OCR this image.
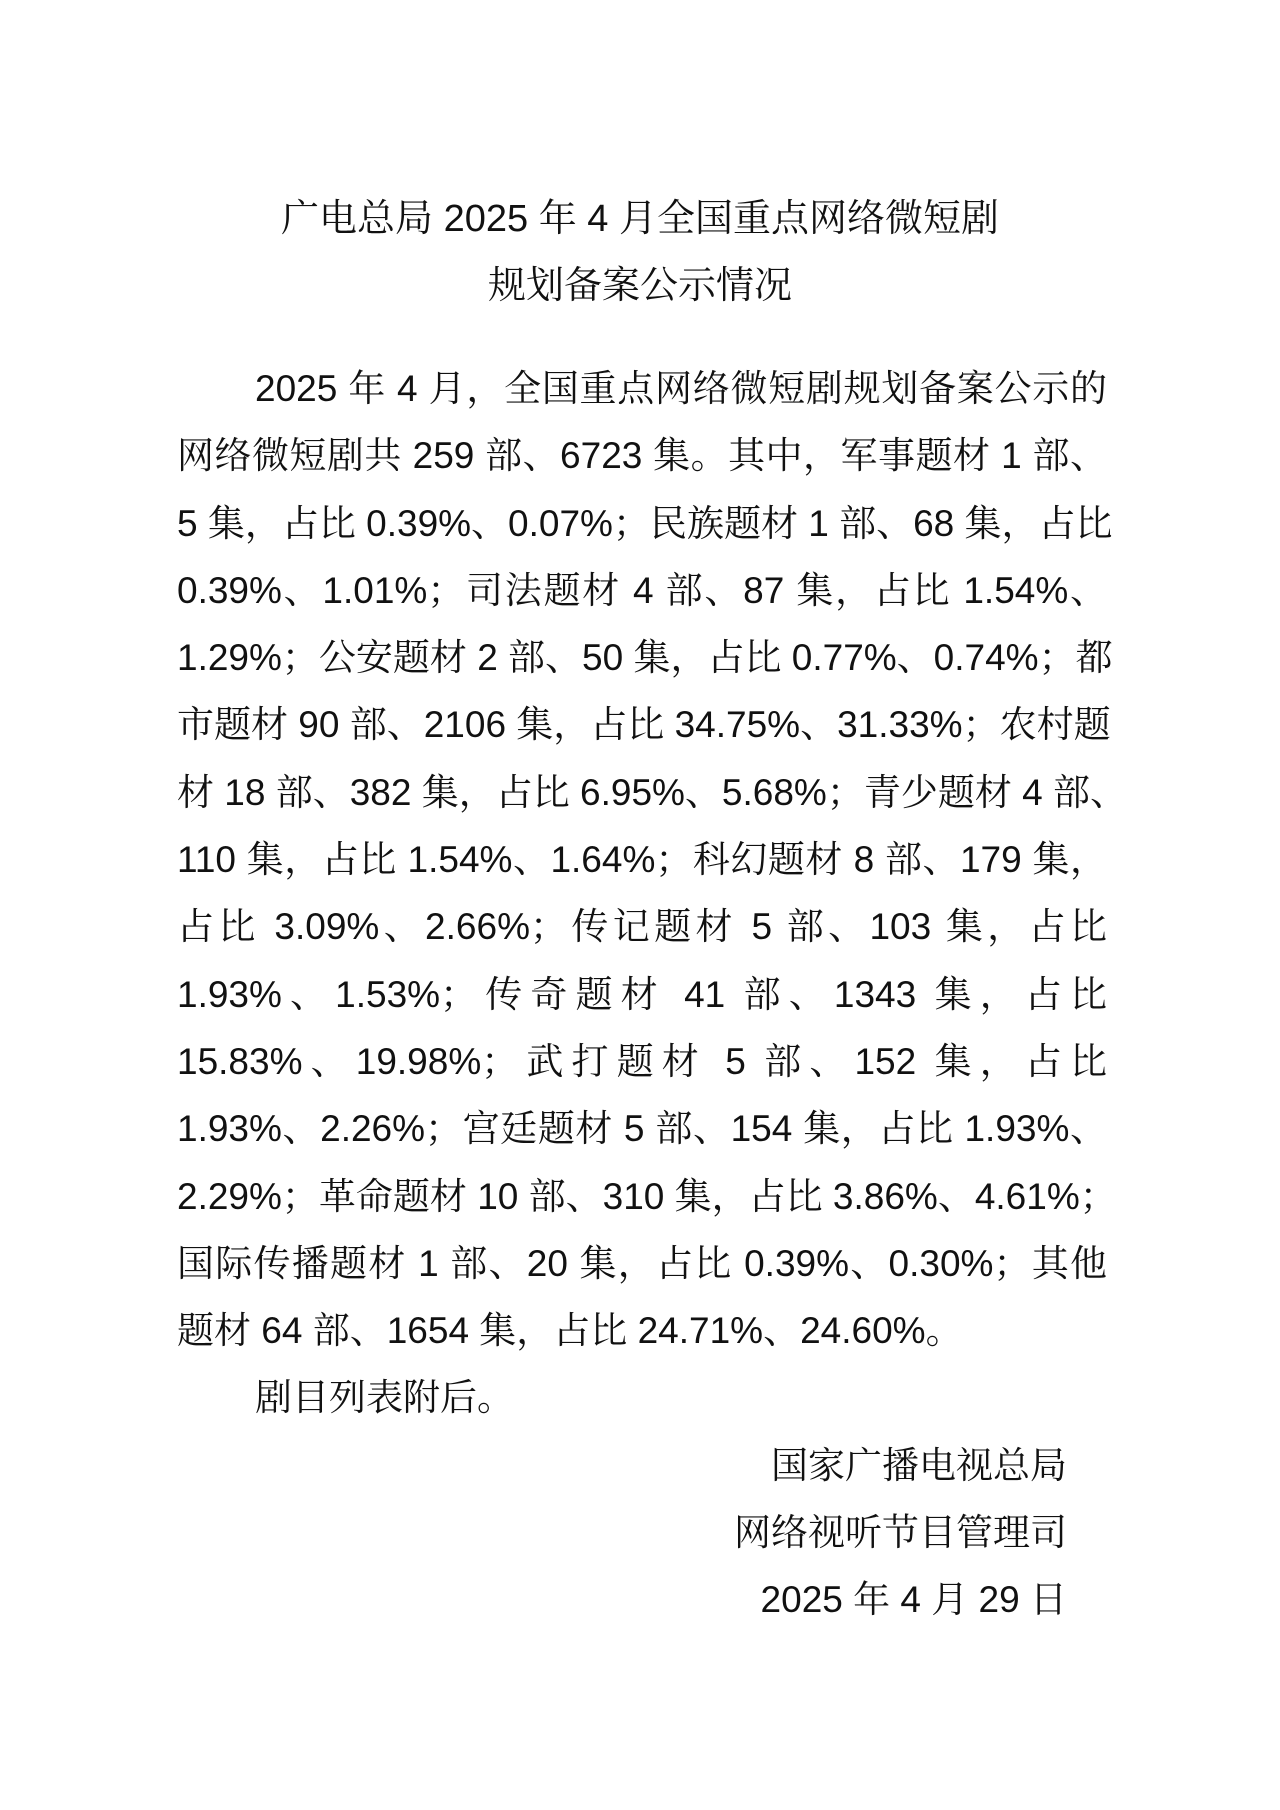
广电总局 2025 年 4 月全国重点网络微短剧
规划备案公示情况
2025 年 4 月，全国重点网络微短剧规划备案公示的
网络微短剧共 259 部、6723 集。其中，军事题材 1 部、
5 集，占比 0.39%、0.07%；民族题材 1 部、68 集，占比
0.39%、1.01%；司法题材 4 部、87 集，占比 1.54%、
1.29%；公安题材 2 部、50 集，占比 0.77%、0.74%；都
市题材 90 部、2106 集，占比 34.75%、31.33%；农村题
材 18 部、382 集，占比 6.95%、5.68%；青少题材 4 部、
110 集，占比 1.54%、1.64%；科幻题材 8 部、179 集，
占比 3.09%、2.66%；传记题材 5 部、103 集，占比
1.93%、1.53%；传奇题材 41 部、1343 集，占比
15.83%、19.98%；武打题材 5 部、152 集，占比
1.93%、2.26%；宫廷题材 5 部、154 集，占比 1.93%、
2.29%；革命题材 10 部、310 集，占比 3.86%、4.61%；
国际传播题材 1 部、20 集，占比 0.39%、0.30%；其他
题材 64 部、1654 集，占比 24.71%、24.60%。
剧目列表附后。
国家广播电视总局
网络视听节目管理司
2025 年 4 月 29 日
